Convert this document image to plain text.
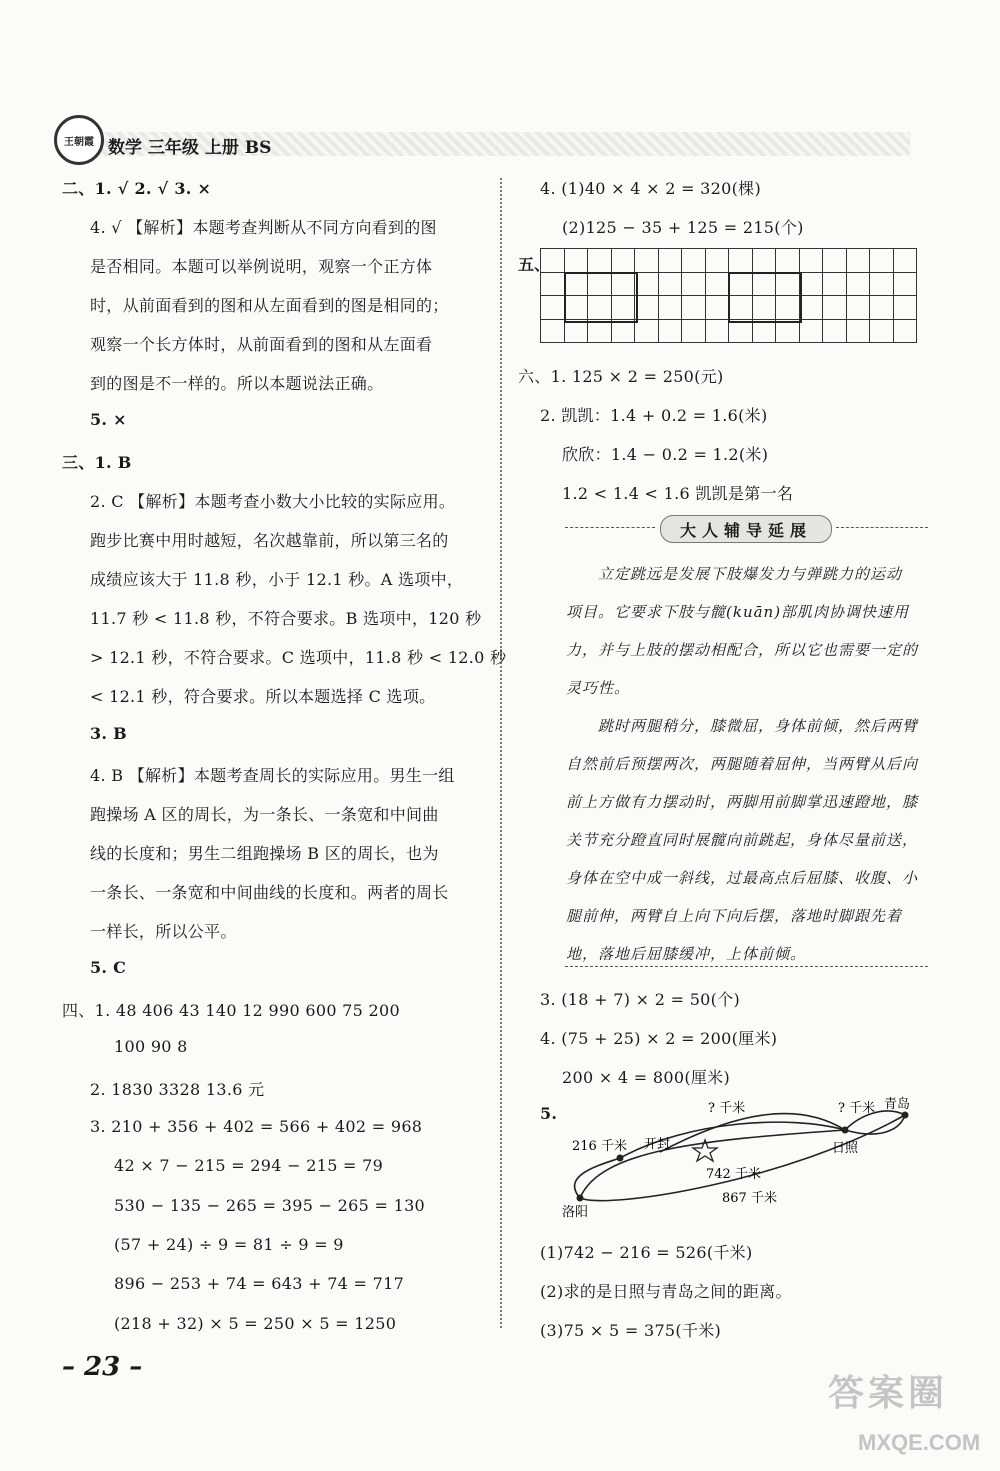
王朝霞 数学 三年级 上册 BS
二、1. √ 2. √ 3. ×
4. √ 【解析】本题考查判断从不同方向看到的图
是否相同。本题可以举例说明，观察一个正方体
时，从前面看到的图和从左面看到的图是相同的；
观察一个长方体时，从前面看到的图和从左面看
到的图是不一样的。所以本题说法正确。
5. ×
三、1. B
2. C 【解析】本题考查小数大小比较的实际应用。
跑步比赛中用时越短，名次越靠前，所以第三名的
成绩应该大于 11.8 秒，小于 12.1 秒。A 选项中，
11.7 秒 < 11.8 秒，不符合要求。B 选项中，120 秒
> 12.1 秒，不符合要求。C 选项中，11.8 秒 < 12.0 秒
< 12.1 秒，符合要求。所以本题选择 C 选项。
3. B
4. B 【解析】本题考查周长的实际应用。男生一组
跑操场 A 区的周长，为一条长、一条宽和中间曲
线的长度和；男生二组跑操场 B 区的周长，也为
一条长、一条宽和中间曲线的长度和。两者的周长
一样长，所以公平。
5. C
四、1. 48 406 43 140 12 990 600 75 200
100 90 8
2. 1830 3328 13.6 元
3. 210 + 356 + 402 = 566 + 402 = 968
42 × 7 − 215 = 294 − 215 = 79
530 − 135 − 265 = 395 − 265 = 130
(57 + 24) ÷ 9 = 81 ÷ 9 = 9
896 − 253 + 74 = 643 + 74 = 717
(218 + 32) × 5 = 250 × 5 = 1250
4. (1)40 × 4 × 2 = 320(棵)
(2)125 − 35 + 125 = 215(个)
五、
六、1. 125 × 2 = 250(元)
2. 凯凯：1.4 + 0.2 = 1.6(米)
欣欣：1.4 − 0.2 = 1.2(米)
1.2 < 1.4 < 1.6 凯凯是第一名
大人辅导延展
立定跳远是发展下肢爆发力与弹跳力的运动
项目。它要求下肢与髋(kuān)部肌肉协调快速用
力，并与上肢的摆动相配合，所以它也需要一定的
灵巧性。
跳时两腿稍分，膝微屈，身体前倾，然后两臂
自然前后预摆两次，两腿随着屈伸，当两臂从后向
前上方做有力摆动时，两脚用前脚掌迅速蹬地，膝
关节充分蹬直同时展髋向前跳起，身体尽量前送，
身体在空中成一斜线，过最高点后屈膝、收腹、小
腿前伸，两臂自上向下向后摆，落地时脚跟先着
地，落地后屈膝缓冲，上体前倾。
3. (18 + 7) × 2 = 50(个)
4. (75 + 25) × 2 = 200(厘米)
200 × 4 = 800(厘米)
5.	? 千米	? 千米 青岛
216 千米 开封	日照
742 千米
洛阳
867 千米
(1)742 − 216 = 526(千米)
(2)求的是日照与青岛之间的距离。
(3)75 × 5 = 375(千米)
– 23 –
答案圈
MXQE.COM
